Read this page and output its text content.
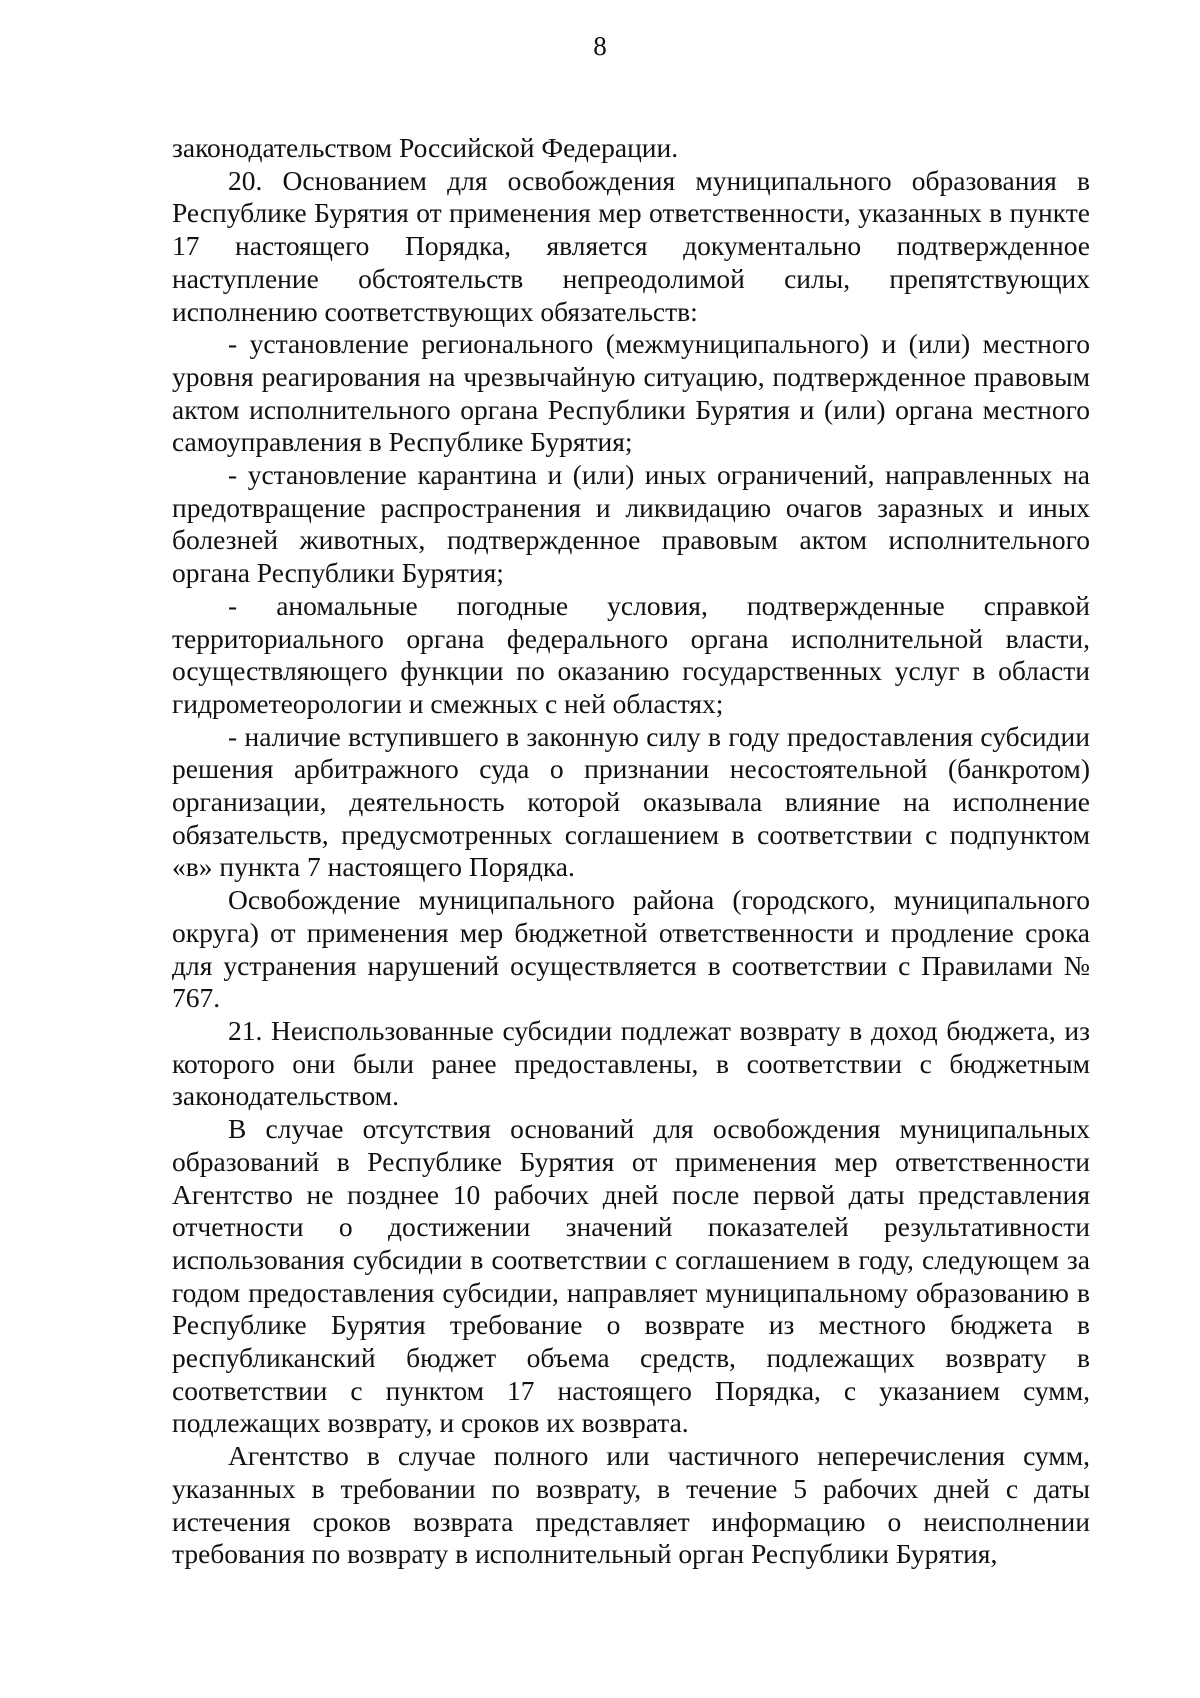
8

законодательством Российской Федерации.

20. Основанием для освобождения муниципального образования в Республике Бурятия от применения мер ответственности, указанных в пункте 17 настоящего Порядка, является документально подтвержденное наступление обстоятельств непреодолимой силы, препятствующих исполнению соответствующих обязательств:

- установление регионального (межмуниципального) и (или) местного уровня реагирования на чрезвычайную ситуацию, подтвержденное правовым актом исполнительного органа Республики Бурятия и (или) органа местного самоуправления в Республике Бурятия;

- установление карантина и (или) иных ограничений, направленных на предотвращение распространения и ликвидацию очагов заразных и иных болезней животных, подтвержденное правовым актом исполнительного органа Республики Бурятия;

- аномальные погодные условия, подтвержденные справкой территориального органа федерального органа исполнительной власти, осуществляющего функции по оказанию государственных услуг в области гидрометеорологии и смежных с ней областях;

- наличие вступившего в законную силу в году предоставления субсидии решения арбитражного суда о признании несостоятельной (банкротом) организации, деятельность которой оказывала влияние на исполнение обязательств, предусмотренных соглашением в соответствии с подпунктом «в» пункта 7 настоящего Порядка.

Освобождение муниципального района (городского, муниципального округа) от применения мер бюджетной ответственности и продление срока для устранения нарушений осуществляется в соответствии с Правилами № 767.

21. Неиспользованные субсидии подлежат возврату в доход бюджета, из которого они были ранее предоставлены, в соответствии с бюджетным законодательством.

В случае отсутствия оснований для освобождения муниципальных образований в Республике Бурятия от применения мер ответственности Агентство не позднее 10 рабочих дней после первой даты представления отчетности о достижении значений показателей результативности использования субсидии в соответствии с соглашением в году, следующем за годом предоставления субсидии, направляет муниципальному образованию в Республике Бурятия требование о возврате из местного бюджета в республиканский бюджет объема средств, подлежащих возврату в соответствии с пунктом 17 настоящего Порядка, с указанием сумм, подлежащих возврату, и сроков их возврата.

Агентство в случае полного или частичного неперечисления сумм, указанных в требовании по возврату, в течение 5 рабочих дней с даты истечения сроков возврата представляет информацию о неисполнении требования по возврату в исполнительный орган Республики Бурятия,
